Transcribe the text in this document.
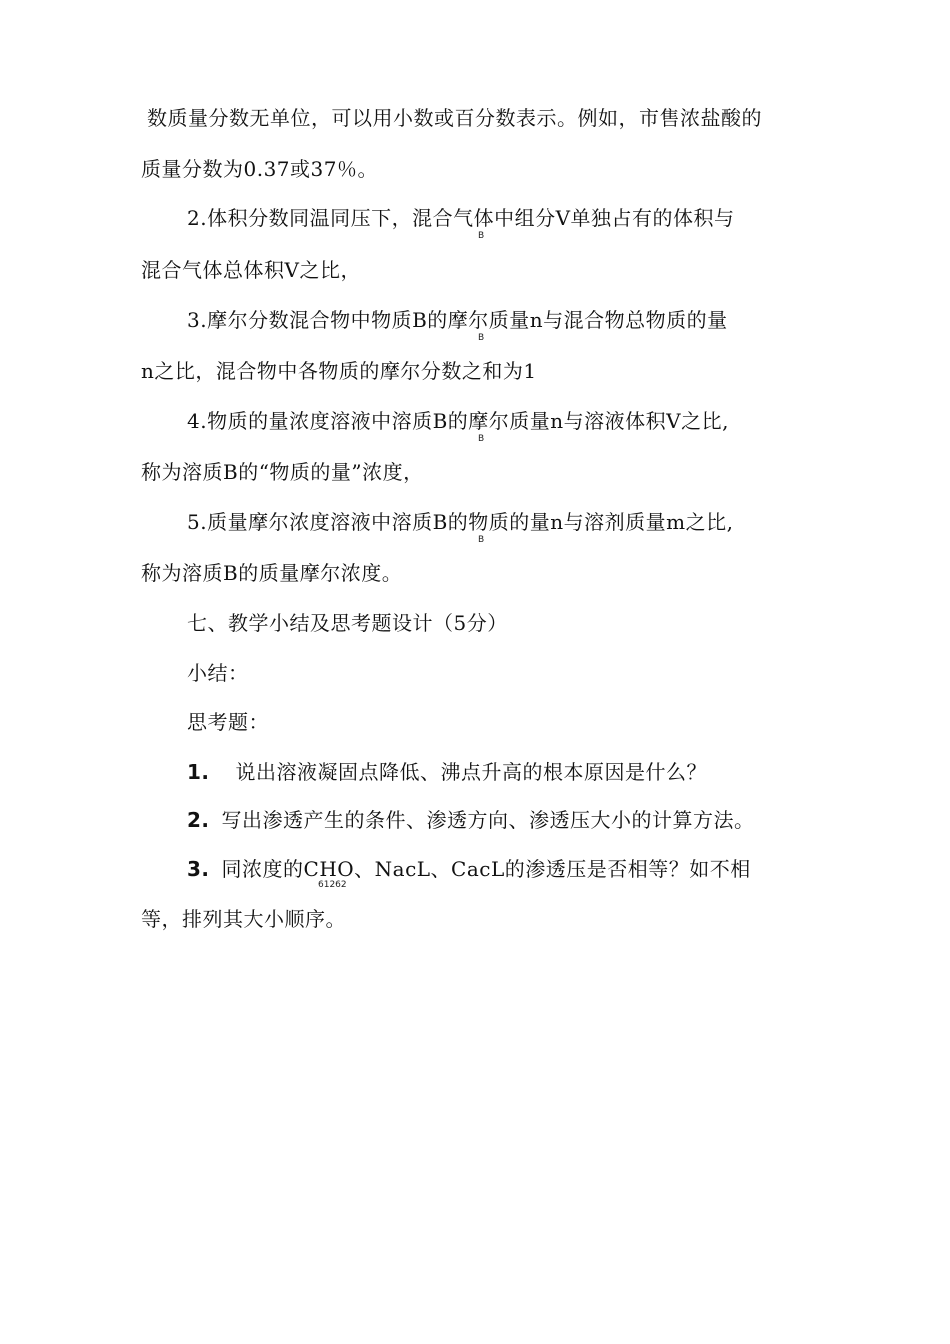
数质量分数无单位，可以用小数或百分数表示。例如，市售浓盐酸的
质量分数为0.37或37％。
2.体积分数同温同压下，混合气体中组分V单独占有的体积与
B
混合气体总体积V之比，
3.摩尔分数混合物中物质B的摩尔质量n与混合物总物质的量
B
n之比，混合物中各物质的摩尔分数之和为1
4.物质的量浓度溶液中溶质B的摩尔质量n与溶液体积V之比,
B
称为溶质B的“物质的量”浓度，
5.质量摩尔浓度溶液中溶质B的物质的量n与溶剂质量m之比,
B
称为溶质B的质量摩尔浓度。
七、教学小结及思考题设计（5分）
小结：
思考题：
1. 说出溶液凝固点降低、沸点升高的根本原因是什么？
2. 写出渗透产生的条件、渗透方向、渗透压大小的计算方法。
3. 同浓度的CHO、NacL、CacL的渗透压是否相等？如不相
61262
等，排列其大小顺序。
